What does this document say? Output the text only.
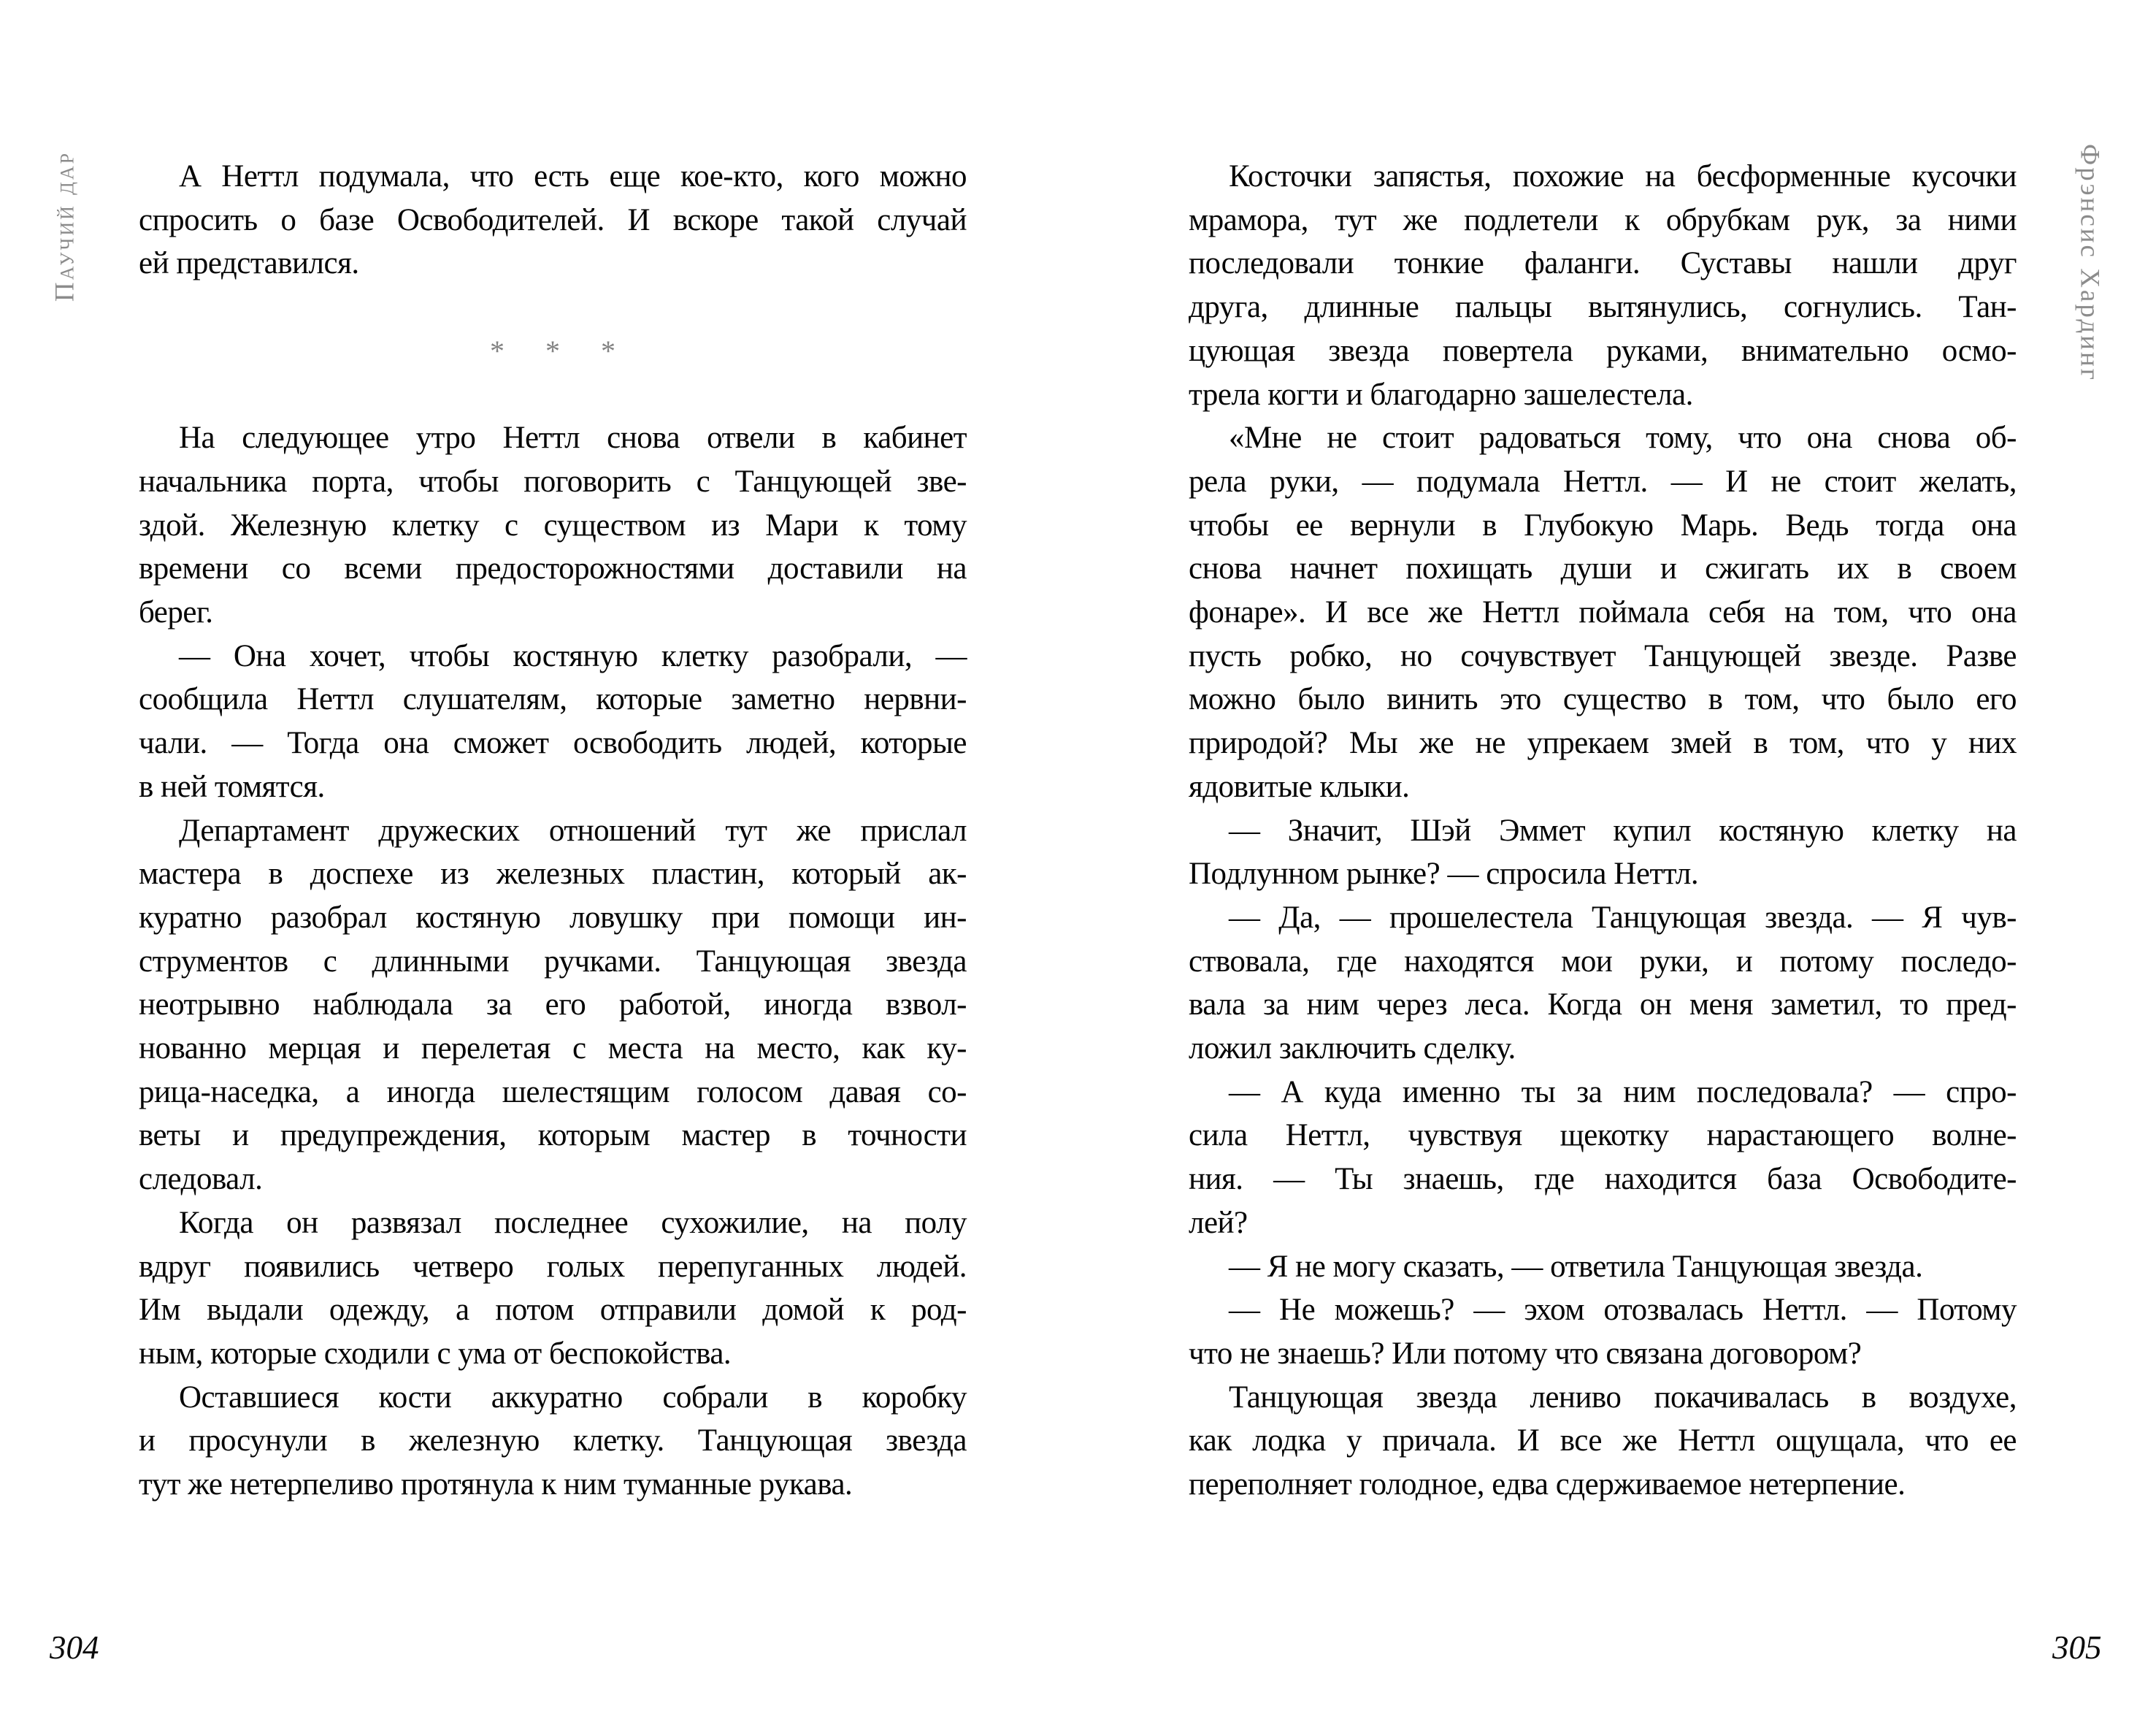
Паучий дар	А Неттл подумала, что есть еще кое-кто, кого можно
спросить о базе Освободителей. И вскоре такой случай
ей представился.
* * *
На следующее утро Неттл снова отвели в кабинет
начальника порта, чтобы поговорить с Танцующей зве-
здой. Железную клетку с существом из Мари к тому
времени со всеми предосторожностями доставили на
берег.
— Она хочет, чтобы костяную клетку разобрали, —
сообщила Неттл слушателям, которые заметно нервни-
чали. — Тогда она сможет освободить людей, которые
в ней томятся.
Департамент дружеских отношений тут же прислал
мастера в доспехе из железных пластин, который ак-
куратно разобрал костяную ловушку при помощи ин-
струментов с длинными ручками. Танцующая звезда
неотрывно наблюдала за его работой, иногда взвол-
нованно мерцая и перелетая с места на место, как ку-
рица-наседка, а иногда шелестящим голосом давая со-
веты и предупреждения, которым мастер в точности
следовал.
Когда он развязал последнее сухожилие, на полу
вдруг появились четверо голых перепуганных людей.
Им выдали одежду, а потом отправили домой к род-
ным, которые сходили с ума от беспокойства.
Оставшиеся кости аккуратно собрали в коробку
и просунули в железную клетку. Танцующая звезда
тут же нетерпеливо протянула к ним туманные рукава.
304
Фрэнсис Хардинг
Косточки запястья, похожие на бесформенные кусочки
мрамора, тут же подлетели к обрубкам рук, за ними
последовали тонкие фаланги. Суставы нашли друг
друга, длинные пальцы вытянулись, согнулись. Тан-
цующая звезда повертела руками, внимательно осмо-
трела когти и благодарно зашелестела.
«Мне не стоит радоваться тому, что она снова об-
рела руки, — подумала Неттл. — И не стоит желать,
чтобы ее вернули в Глубокую Марь. Ведь тогда она
снова начнет похищать души и сжигать их в своем
фонаре». И все же Неттл поймала себя на том, что она
пусть робко, но сочувствует Танцующей звезде. Разве
можно было винить это существо в том, что было его
природой? Мы же не упрекаем змей в том, что у них
ядовитые клыки.
— Значит, Шэй Эммет купил костяную клетку на
Подлунном рынке? — спросила Неттл.
— Да, — прошелестела Танцующая звезда. — Я чув-
ствовала, где находятся мои руки, и потому последо-
вала за ним через леса. Когда он меня заметил, то пред-
ложил заключить сделку.
— А куда именно ты за ним последовала? — спро-
сила Неттл, чувствуя щекотку нарастающего волне-
ния. — Ты знаешь, где находится база Освободите-
лей?
— Я не могу сказать, — ответила Танцующая звезда.
— Не можешь? — эхом отозвалась Неттл. — Потому
что не знаешь? Или потому что связана договором?
Танцующая звезда лениво покачивалась в воздухе,
как лодка у причала. И все же Неттл ощущала, что ее
переполняет голодное, едва сдерживаемое нетерпение.
305
